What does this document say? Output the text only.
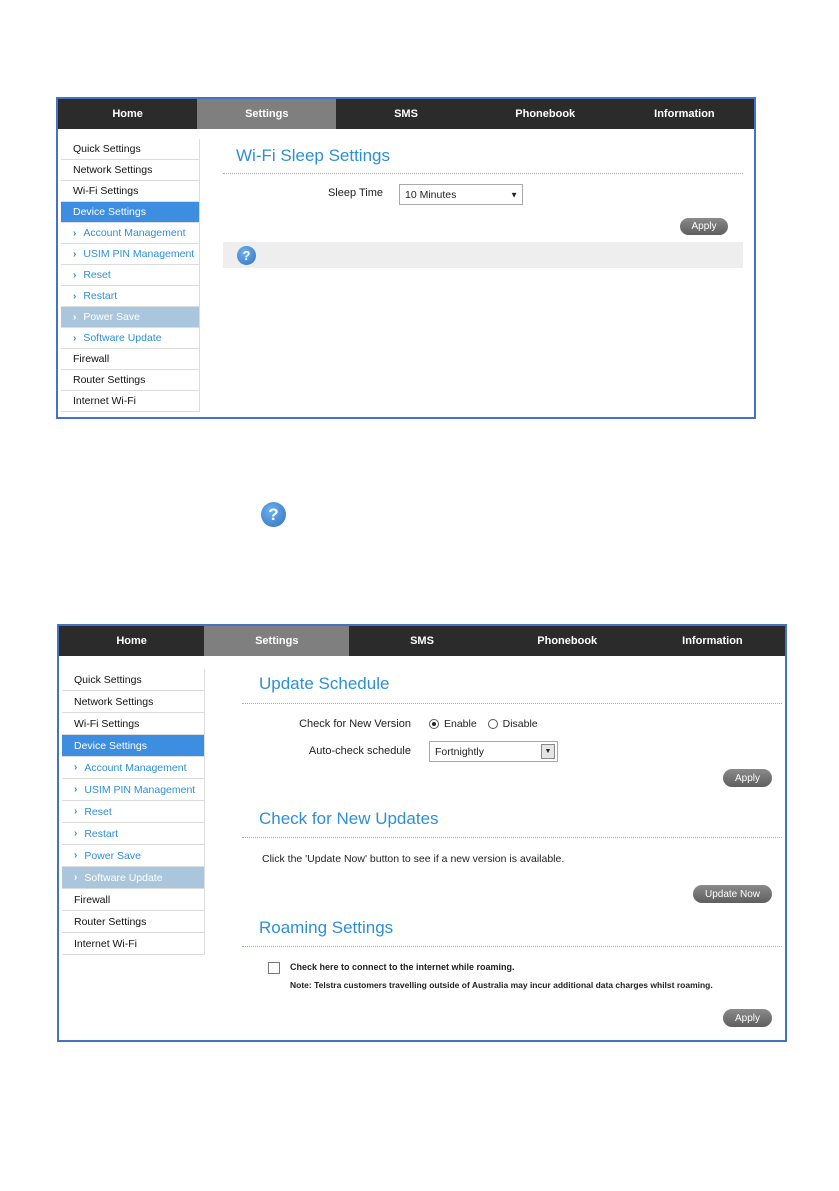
Home	Settings	SMS	Phonebook	Information
Quick Settings
Network Settings
Wi-Fi Settings
Device Settings
› Account Management
› USIM PIN Management
› Reset
› Restart
› Power Save
› Software Update
Firewall
Router Settings
Internet Wi-Fi
Wi-Fi Sleep Settings
Sleep Time 10 Minutes	▼
Apply
?
?
Home	Settings	SMS	Phonebook	Information
Quick Settings
Network Settings
Wi-Fi Settings
Device Settings
› Account Management
› USIM PIN Management
› Reset
› Restart
› Power Save
› Software Update
Firewall
Router Settings
Internet Wi-Fi
Update Schedule
Check for New Version	Enable Disable
Auto-check schedule Fortnightly	▼
Apply
Check for New Updates
Click the 'Update Now' button to see if a new version is available.
Update Now
Roaming Settings
Check here to connect to the internet while roaming.
Note: Telstra customers travelling outside of Australia may incur additional data charges whilst roaming.
Apply
